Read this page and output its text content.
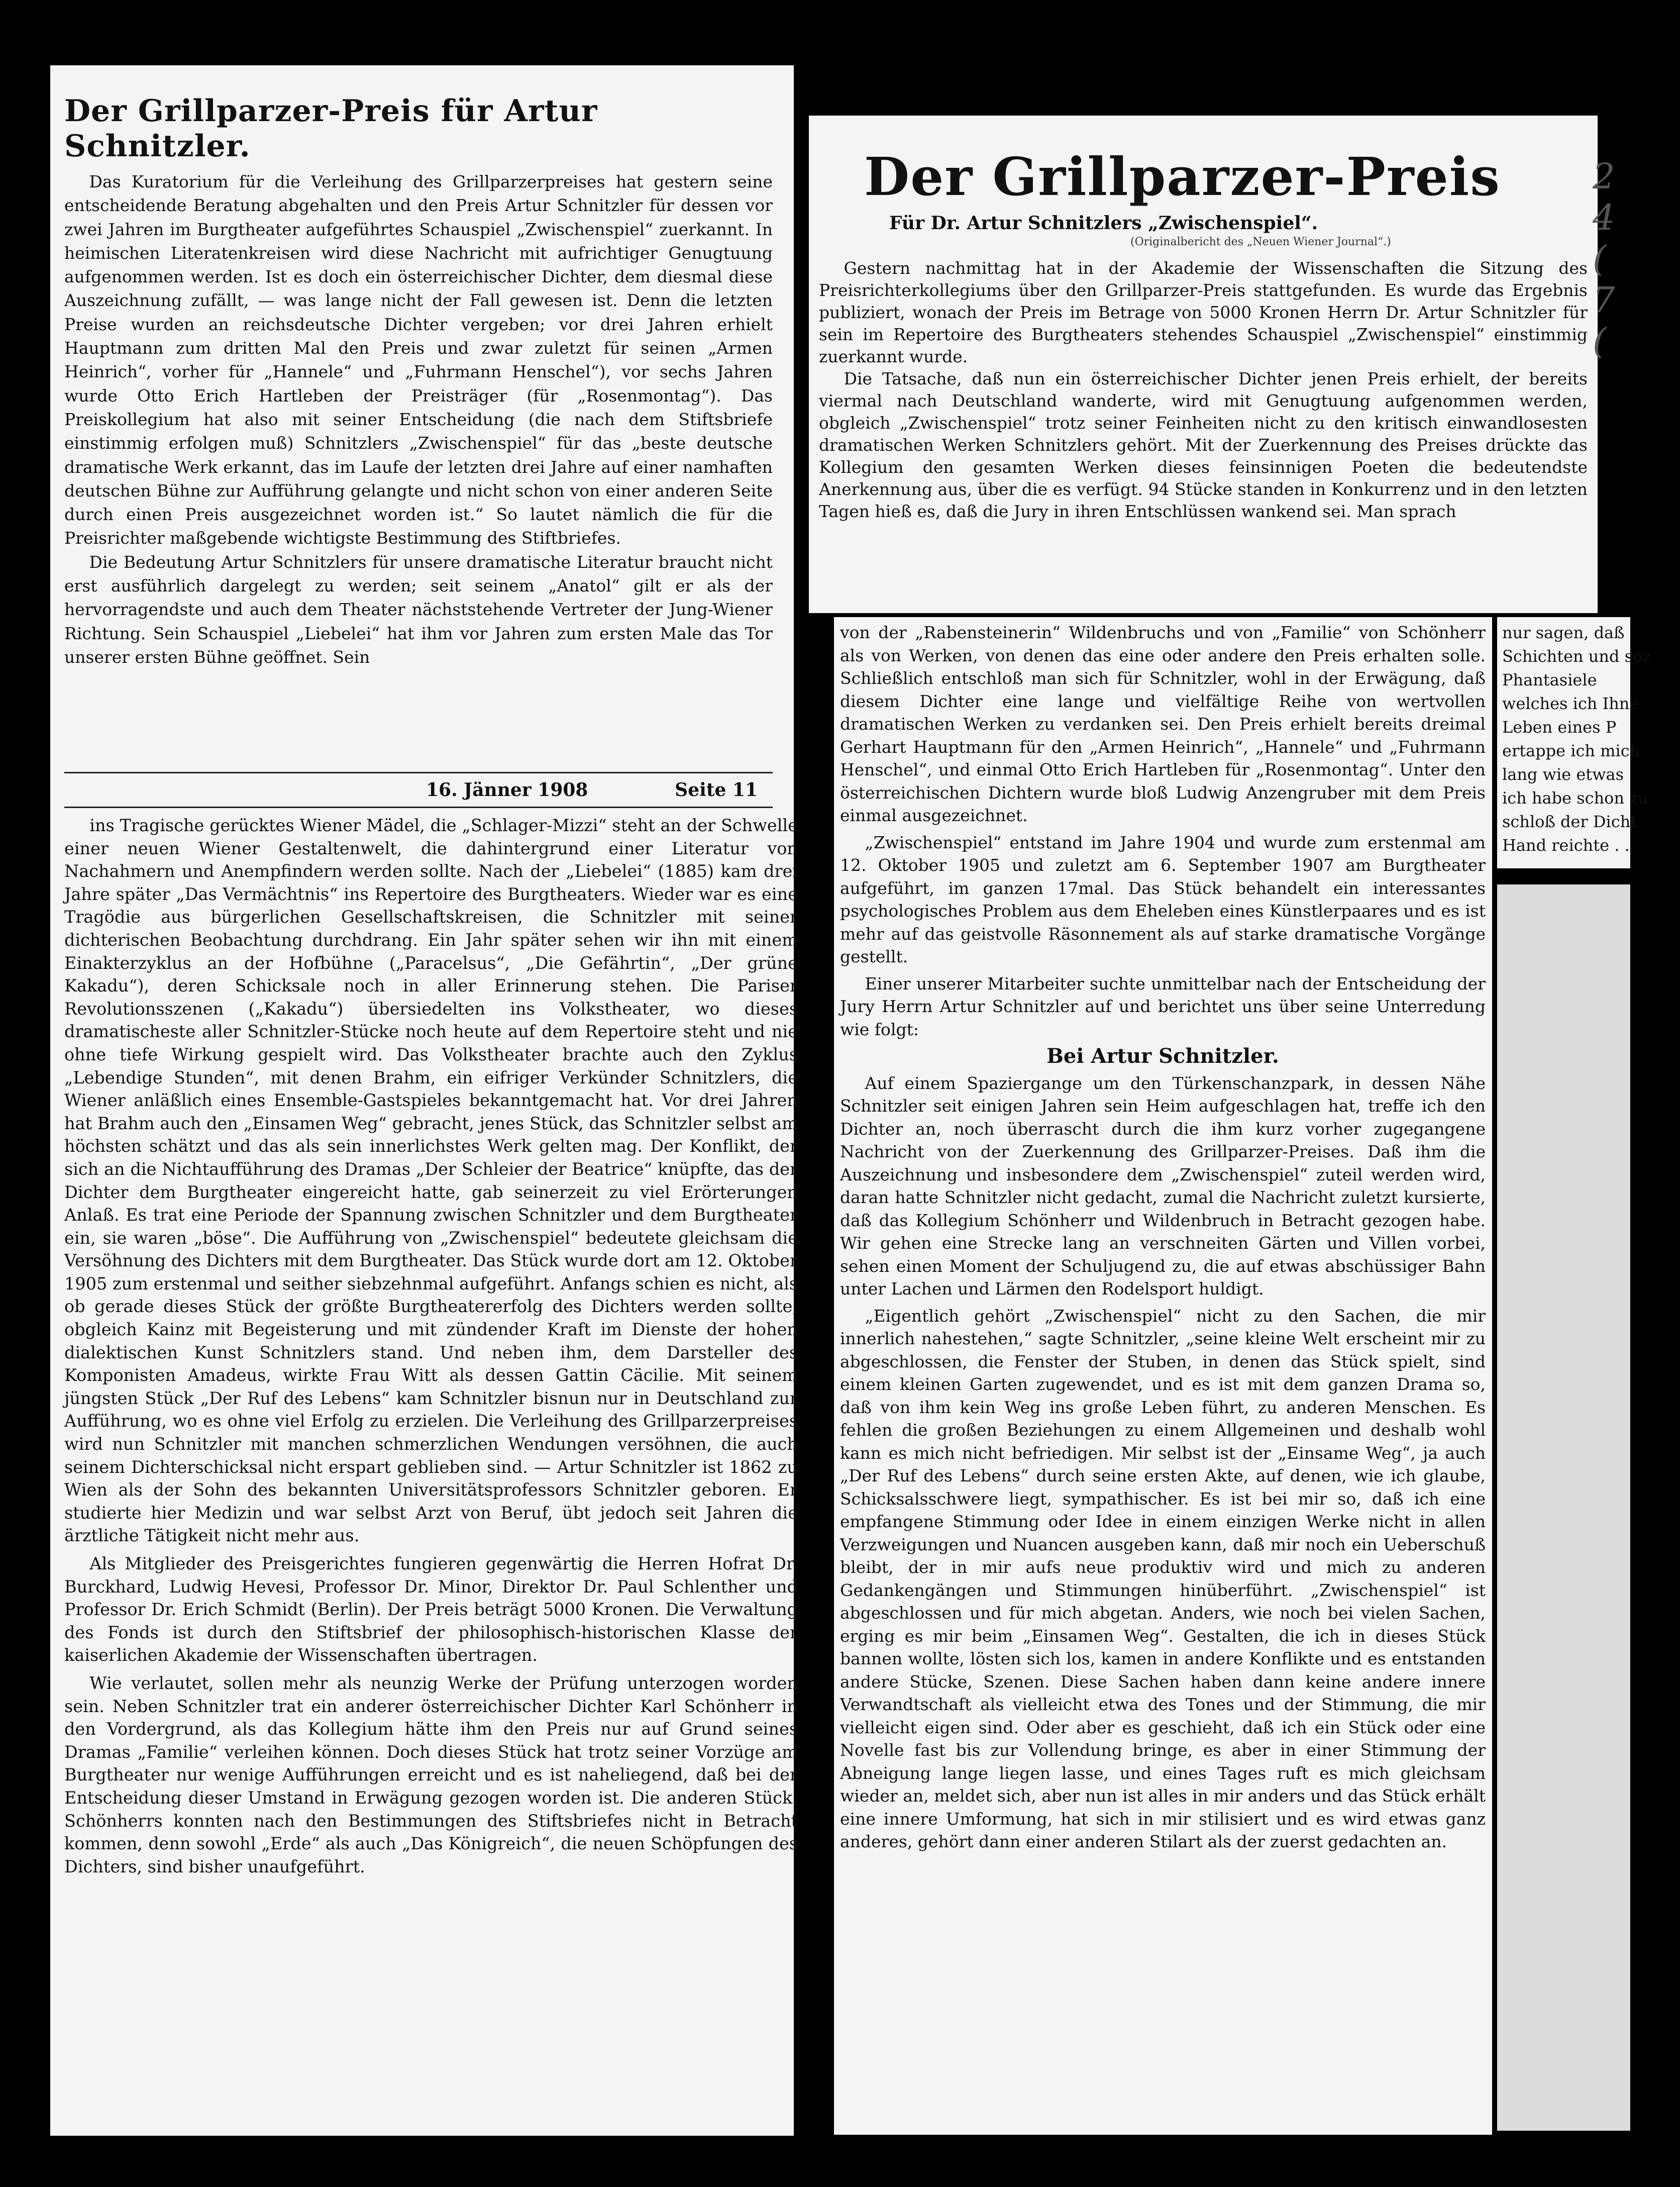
Der Grillparzer-Preis für Artur Schnitzler.

Das Kuratorium für die Verleihung des Grillparzerpreises hat gestern seine entscheidende Beratung abgehalten und den Preis Artur Schnitzler für dessen vor zwei Jahren im Burgtheater aufgeführtes Schauspiel „Zwischenspiel“ zuerkannt. In heimischen Literatenkreisen wird diese Nachricht mit aufrichtiger Genugtuung aufgenommen werden. Ist es doch ein österreichischer Dichter, dem diesmal diese Auszeichnung zufällt, — was lange nicht der Fall gewesen ist. Denn die letzten Preise wurden an reichsdeutsche Dichter vergeben; vor drei Jahren erhielt Hauptmann zum dritten Mal den Preis und zwar zuletzt für seinen „Armen Heinrich“, vorher für „Hannele“ und „Fuhrmann Henschel“), vor sechs Jahren wurde Otto Erich Hartleben der Preisträger (für „Rosenmontag“). Das Preiskollegium hat also mit seiner Entscheidung (die nach dem Stiftsbriefe einstimmig erfolgen muß) Schnitzlers „Zwischenspiel“ für das „beste deutsche dramatische Werk erkannt, das im Laufe der letzten drei Jahre auf einer namhaften deutschen Bühne zur Aufführung gelangte und nicht schon von einer anderen Seite durch einen Preis ausgezeichnet worden ist.“ So lautet nämlich die für die Preisrichter maßgebende wichtigste Bestimmung des Stiftbriefes.

Die Bedeutung Artur Schnitzlers für unsere dramatische Literatur braucht nicht erst ausführlich dargelegt zu werden; seit seinem „Anatol“ gilt er als der hervorragendste und auch dem Theater nächststehende Vertreter der Jung-Wiener Richtung. Sein Schauspiel „Liebelei“ hat ihm vor Jahren zum ersten Male das Tor unserer ersten Bühne geöffnet. Sein

16. Jänner 1908	Seite 11

ins Tragische gerücktes Wiener Mädel, die „Schlager-Mizzi“ steht an der Schwelle einer neuen Wiener Gestaltenwelt, die dahintergrund einer Literatur von Nachahmern und Anempfindern werden sollte. Nach der „Liebelei“ (1885) kam drei Jahre später „Das Vermächtnis“ ins Repertoire des Burgtheaters. Wieder war es eine Tragödie aus bürgerlichen Gesellschaftskreisen, die Schnitzler mit seiner dichterischen Beobachtung durchdrang. Ein Jahr später sehen wir ihn mit einem Einakterzyklus an der Hofbühne („Paracelsus“, „Die Gefährtin“, „Der grüne Kakadu“), deren Schicksale noch in aller Erinnerung stehen. Die Pariser Revolutionsszenen („Kakadu“) übersiedelten ins Volkstheater, wo dieses dramatischeste aller Schnitzler-Stücke noch heute auf dem Repertoire steht und nie ohne tiefe Wirkung gespielt wird. Das Volkstheater brachte auch den Zyklus „Lebendige Stunden“, mit denen Brahm, ein eifriger Verkünder Schnitzlers, die Wiener anläßlich eines Ensemble-Gastspieles bekanntgemacht hat. Vor drei Jahren hat Brahm auch den „Einsamen Weg“ gebracht, jenes Stück, das Schnitzler selbst am höchsten schätzt und das als sein innerlichstes Werk gelten mag. Der Konflikt, der sich an die Nichtaufführung des Dramas „Der Schleier der Beatrice“ knüpfte, das der Dichter dem Burgtheater eingereicht hatte, gab seinerzeit zu viel Erörterungen Anlaß. Es trat eine Periode der Spannung zwischen Schnitzler und dem Burgtheater ein, sie waren „böse“. Die Aufführung von „Zwischenspiel“ bedeutete gleichsam die Versöhnung des Dichters mit dem Burgtheater. Das Stück wurde dort am 12. Oktober 1905 zum erstenmal und seither siebzehnmal aufgeführt. Anfangs schien es nicht, als ob gerade dieses Stück der größte Burgtheatererfolg des Dichters werden sollte, obgleich Kainz mit Begeisterung und mit zündender Kraft im Dienste der hohen dialektischen Kunst Schnitzlers stand. Und neben ihm, dem Darsteller des Komponisten Amadeus, wirkte Frau Witt als dessen Gattin Cäcilie. Mit seinem jüngsten Stück „Der Ruf des Lebens“ kam Schnitzler bisnun nur in Deutschland zur Aufführung, wo es ohne viel Erfolg zu erzielen. Die Verleihung des Grillparzerpreises wird nun Schnitzler mit manchen schmerzlichen Wendungen versöhnen, die auch seinem Dichterschicksal nicht erspart geblieben sind. — Artur Schnitzler ist 1862 zu Wien als der Sohn des bekannten Universitätsprofessors Schnitzler geboren. Er studierte hier Medizin und war selbst Arzt von Beruf, übt jedoch seit Jahren die ärztliche Tätigkeit nicht mehr aus.

Als Mitglieder des Preisgerichtes fungieren gegenwärtig die Herren Hofrat Dr. Burckhard, Ludwig Hevesi, Professor Dr. Minor, Direktor Dr. Paul Schlenther und Professor Dr. Erich Schmidt (Berlin). Der Preis beträgt 5000 Kronen. Die Verwaltung des Fonds ist durch den Stiftsbrief der philosophisch-historischen Klasse der kaiserlichen Akademie der Wissenschaften übertragen.

Wie verlautet, sollen mehr als neunzig Werke der Prüfung unterzogen worden sein. Neben Schnitzler trat ein anderer österreichischer Dichter Karl Schönherr in den Vordergrund, als das Kollegium hätte ihm den Preis nur auf Grund seines Dramas „Familie“ verleihen können. Doch dieses Stück hat trotz seiner Vorzüge am Burgtheater nur wenige Aufführungen erreicht und es ist naheliegend, daß bei der Entscheidung dieser Umstand in Erwägung gezogen worden ist. Die anderen Stück. Schönherrs konnten nach den Bestimmungen des Stiftsbriefes nicht in Betracht kommen, denn sowohl „Erde“ als auch „Das Königreich“, die neuen Schöpfungen des Dichters, sind bisher unaufgeführt.

Der Grillparzer-Preis
Für Dr. Artur Schnitzlers „Zwischenspiel“.
(Originalbericht des „Neuen Wiener Journal“.)

Gestern nachmittag hat in der Akademie der Wissenschaften die Sitzung des Preisrichterkollegiums über den Grillparzer-Preis stattgefunden. Es wurde das Ergebnis publiziert, wonach der Preis im Betrage von 5000 Kronen Herrn Dr. Artur Schnitzler für sein im Repertoire des Burgtheaters stehendes Schauspiel „Zwischenspiel“ einstimmig zuerkannt wurde.

Die Tatsache, daß nun ein österreichischer Dichter jenen Preis erhielt, der bereits viermal nach Deutschland wanderte, wird mit Genugtuung aufgenommen werden, obgleich „Zwischenspiel“ trotz seiner Feinheiten nicht zu den kritisch einwandlosesten dramatischen Werken Schnitzlers gehört. Mit der Zuerkennung des Preises drückte das Kollegium den gesamten Werken dieses feinsinnigen Poeten die bedeutendste Anerkennung aus, über die es verfügt. 94 Stücke standen in Konkurrenz und in den letzten Tagen hieß es, daß die Jury in ihren Entschlüssen wankend sei. Man sprach

2 4 ( 7 (

von der „Rabensteinerin“ Wildenbruchs und von „Familie“ von Schönherr als von Werken, von denen das eine oder andere den Preis erhalten solle. Schließlich entschloß man sich für Schnitzler, wohl in der Erwägung, daß diesem Dichter eine lange und vielfältige Reihe von wertvollen dramatischen Werken zu verdanken sei. Den Preis erhielt bereits dreimal Gerhart Hauptmann für den „Armen Heinrich“, „Hannele“ und „Fuhrmann Henschel“, und einmal Otto Erich Hartleben für „Rosenmontag“. Unter den österreichischen Dichtern wurde bloß Ludwig Anzengruber mit dem Preis einmal ausgezeichnet.

„Zwischenspiel“ entstand im Jahre 1904 und wurde zum erstenmal am 12. Oktober 1905 und zuletzt am 6. September 1907 am Burgtheater aufgeführt, im ganzen 17mal. Das Stück behandelt ein interessantes psychologisches Problem aus dem Eheleben eines Künstlerpaares und es ist mehr auf das geistvolle Räsonnement als auf starke dramatische Vorgänge gestellt.

Einer unserer Mitarbeiter suchte unmittelbar nach der Entscheidung der Jury Herrn Artur Schnitzler auf und berichtet uns über seine Unterredung wie folgt:

Bei Artur Schnitzler.

Auf einem Spaziergange um den Türkenschanzpark, in dessen Nähe Schnitzler seit einigen Jahren sein Heim aufgeschlagen hat, treffe ich den Dichter an, noch überrascht durch die ihm kurz vorher zugegangene Nachricht von der Zuerkennung des Grillparzer-Preises. Daß ihm die Auszeichnung und insbesondere dem „Zwischenspiel“ zuteil werden wird, daran hatte Schnitzler nicht gedacht, zumal die Nachricht zuletzt kursierte, daß das Kollegium Schönherr und Wildenbruch in Betracht gezogen habe. Wir gehen eine Strecke lang an verschneiten Gärten und Villen vorbei, sehen einen Moment der Schuljugend zu, die auf etwas abschüssiger Bahn unter Lachen und Lärmen den Rodelsport huldigt.

„Eigentlich gehört „Zwischenspiel“ nicht zu den Sachen, die mir innerlich nahestehen,“ sagte Schnitzler, „seine kleine Welt erscheint mir zu abgeschlossen, die Fenster der Stuben, in denen das Stück spielt, sind einem kleinen Garten zugewendet, und es ist mit dem ganzen Drama so, daß von ihm kein Weg ins große Leben führt, zu anderen Menschen. Es fehlen die großen Beziehungen zu einem Allgemeinen und deshalb wohl kann es mich nicht befriedigen. Mir selbst ist der „Einsame Weg“, ja auch „Der Ruf des Lebens“ durch seine ersten Akte, auf denen, wie ich glaube, Schicksalsschwere liegt, sympathischer. Es ist bei mir so, daß ich eine empfangene Stimmung oder Idee in einem einzigen Werke nicht in allen Verzweigungen und Nuancen ausgeben kann, daß mir noch ein Ueberschuß bleibt, der in mir aufs neue produktiv wird und mich zu anderen Gedankengängen und Stimmungen hinüberführt. „Zwischenspiel“ ist abgeschlossen und für mich abgetan. Anders, wie noch bei vielen Sachen, erging es mir beim „Einsamen Weg“. Gestalten, die ich in dieses Stück bannen wollte, lösten sich los, kamen in andere Konflikte und es entstanden andere Stücke, Szenen. Diese Sachen haben dann keine andere innere Verwandtschaft als vielleicht etwa des Tones und der Stimmung, die mir vielleicht eigen sind. Oder aber es geschieht, daß ich ein Stück oder eine Novelle fast bis zur Vollendung bringe, es aber in einer Stimmung der Abneigung lange liegen lasse, und eines Tages ruft es mich gleichsam wieder an, meldet sich, aber nun ist alles in mir anders und das Stück erhält eine innere Umformung, hat sich in mir stilisiert und es wird etwas ganz anderes, gehört dann einer anderen Stilart als der zuerst gedachten an.

nur sagen, daß
Schichten und soz
Phantasiele
welches ich Ihne
Leben eines P
ertappe ich mich
lang wie etwas
ich habe schon zu
schloß der Dicht
Hand reichte . .
